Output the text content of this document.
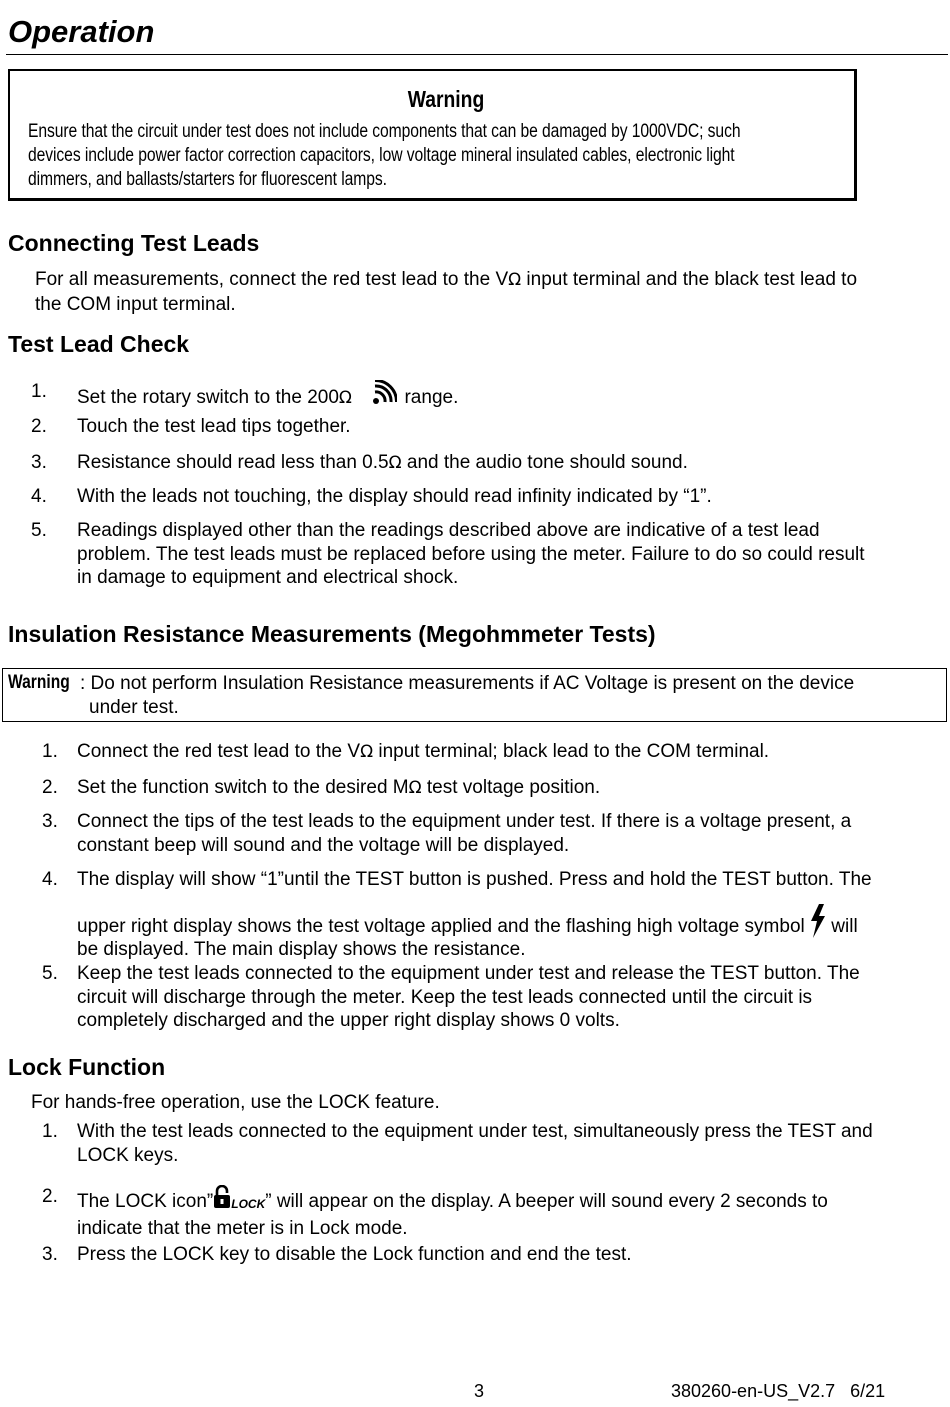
Operation
Warning
Ensure that the circuit under test does not include components that can be damaged by 1000VDC; such
devices include power factor correction capacitors, low voltage mineral insulated cables, electronic light
dimmers, and ballasts/starters for fluorescent lamps.
Connecting Test Leads
For all measurements, connect the red test lead to the VΩ input terminal and the black test lead to
the COM input terminal.
Test Lead Check
1. Set the rotary switch to the 200Ω  range.
2. Touch the test lead tips together.
3. Resistance should read less than 0.5Ω and the audio tone should sound.
4. With the leads not touching, the display should read infinity indicated by “1”.
5. Readings displayed other than the readings described above are indicative of a test lead
problem. The test leads must be replaced before using the meter. Failure to do so could result
in damage to equipment and electrical shock.
Insulation Resistance Measurements (Megohmmeter Tests)
Warning : Do not perform Insulation Resistance measurements if AC Voltage is present on the device
under test.
1. Connect the red test lead to the VΩ input terminal; black lead to the COM terminal.
2. Set the function switch to the desired MΩ test voltage position.
3. Connect the tips of the test leads to the equipment under test. If there is a voltage present, a
constant beep will sound and the voltage will be displayed.
4. The display will show “1”until the TEST button is pushed. Press and hold the TEST button. The
upper right display shows the test voltage applied and the flashing high voltage symbol  will
be displayed. The main display shows the resistance.
5. Keep the test leads connected to the equipment under test and release the TEST button. The
circuit will discharge through the meter. Keep the test leads connected until the circuit is
completely discharged and the upper right display shows 0 volts.
Lock Function
For hands-free operation, use the LOCK feature.
1. With the test leads connected to the equipment under test, simultaneously press the TEST and
LOCK keys.
2. The LOCK icon” LOCK” will appear on the display. A beeper will sound every 2 seconds to
indicate that the meter is in Lock mode.
3. Press the LOCK key to disable the Lock function and end the test.
3	380260-en-US_V2.7   6/21
